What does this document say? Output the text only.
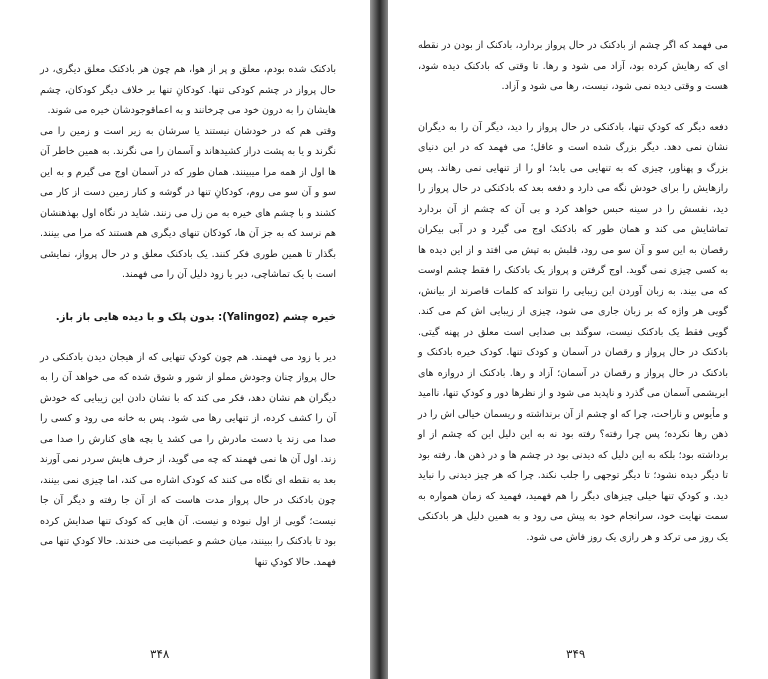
بادکنک شده بودم، معلق و پر از هوا، هم چون هر بادکنک معلق دیگری، در حال پرواز در چشم کودکی تنها. کودکانِ تنها بر خلاف دیگر کودکان، چشم هایشان را به درون خود می چرخانند و به اعماقوجودشان خیره می شوند.

وقتی هم که در خودشان نیستند یا سرشان به زیر است و زمین را می نگرند و یا به پشت دراز کشیدهاند و آسمان را می نگرند. به همین خاطر آن ها اول از همه مرا میبینند. همان طور که در آسمان اوج می گیرم و به این سو و آن سو می روم، کودکانِ تنها در گوشه و کنار زمین دست از کار می کشند و با چشم های خیره به من زل می زنند. شاید در نگاه اول بهذهنشان هم نرسد که به جز آن ها، کودکان تنهای دیگری هم هستند که مرا می بینند. بگذار تا همین طوری فکر کنند. یک بادکنک معلق و در حال پرواز، نمایشی است با یک تماشاچی، دیر یا زود دلیل آن را می فهمند.

خیره چشم (Yalingoz): بدون پلک و با دیده هایی باز باز.

دیر یا زود می فهمند. هم چون کودکِ تنهایی که از هیجان دیدن بادکنکی در حال پرواز چنان وجودش مملو از شور و شوق شده که می خواهد آن را به دیگران هم نشان دهد، فکر می کند که با نشان دادن این زیبایی که خودش آن را کشف کرده، از تنهایی رها می شود. پس به خانه می رود و کسی را صدا می زند یا دست مادرش را می کشد یا بچه های کنارش را صدا می زند. اول آن ها نمی فهمند که چه می گوید، از حرف هایش سردر نمی آورند بعد به نقطه ای نگاه می کنند که کودک اشاره می کند، اما چیزی نمی بینند، چون بادکنک در حال پرواز مدت هاست که از آن جا رفته و دیگر آن جا نیست؛ گویی از اول نبوده و نیست. آن هایی که کودک تنها صدایش کرده بود تا بادکنک را ببینند، میان خشم و عصبانیت می خندند. حالا کودکِ تنها می فهمد. حالا کودکِ تنها

۳۴۸

می فهمد که اگر چشم از بادکنک در حال پرواز بردارد، بادکنک از بودن در نقطه ای که رهایش کرده بود، آزاد می شود و رها. تا وقتی که بادکنک دیده شود، هست و وقتی دیده نمی شود، نیست، رها می شود و آزاد.

دفعه دیگر که کودکِ تنها، بادکنکی در حال پرواز را دید، دیگر آن را به دیگران نشان نمی دهد. دیگر بزرگ شده است و عاقل؛ می فهمد که در این دنیای بزرگ و پهناور، چیزی که به تنهایی می یابد؛ او را از تنهایی نمی رهاند. پس رازهایش را برای خودش نگه می دارد و دفعه بعد که بادکنکی در حال پرواز را دید، نفسش را در سینه حبس خواهد کرد و بی آن که چشم از آن بردارد تماشایش می کند و همان طور که بادکنک اوج می گیرد و در آبی بیکران رقصان به این سو و آن سو می رود، قلبش به تپش می افتد و از این دیده ها به کسی چیزی نمی گوید. اوج گرفتن و پرواز یک بادکنک را فقط چشم اوست که می بیند. به زبان آوردن این زیبایی را نتواند که کلمات قاصرند از بیانش، گویی هر واژه که بر زبان جاری می شود، چیزی از زیبایی اش کم می کند. گویی فقط یک بادکنک نیست، سوگند بی صدایی است معلق در پهنه گیتی. بادکنک در حال پرواز و رقصان در آسمان و کودک تنها. کودک خیره بادکنک و بادکنک در حال پرواز و رقصان در آسمان؛ آزاد و رها. بادکنک از دروازه های ابریشمی آسمان می گذرد و ناپدید می شود و از نظرها دور و کودکِ تنها، ناامید و مأیوس و ناراحت، چرا که او چشم از آن برنداشته و ریسمان خیالی اش را در ذهن رها نکرده؛ پس چرا رفته؟ رفته بود نه به این دلیل این که چشم از او برداشته بود؛ بلکه به این دلیل که دیدنی بود در چشم ها و در ذهن ها. رفته بود تا دیگر دیده نشود؛ تا دیگر توجهی را جلب نکند. چرا که هر چیز دیدنی را نباید دید. و کودکِ تنها خیلی چیزهای دیگر را هم فهمید، فهمید که زمان همواره به سمت نهایت خود، سرانجام خود به پیش می رود و به همین دلیل هر بادکنکی یک روز می ترکد و هر رازی یک روز فاش می شود.

۳۴۹
